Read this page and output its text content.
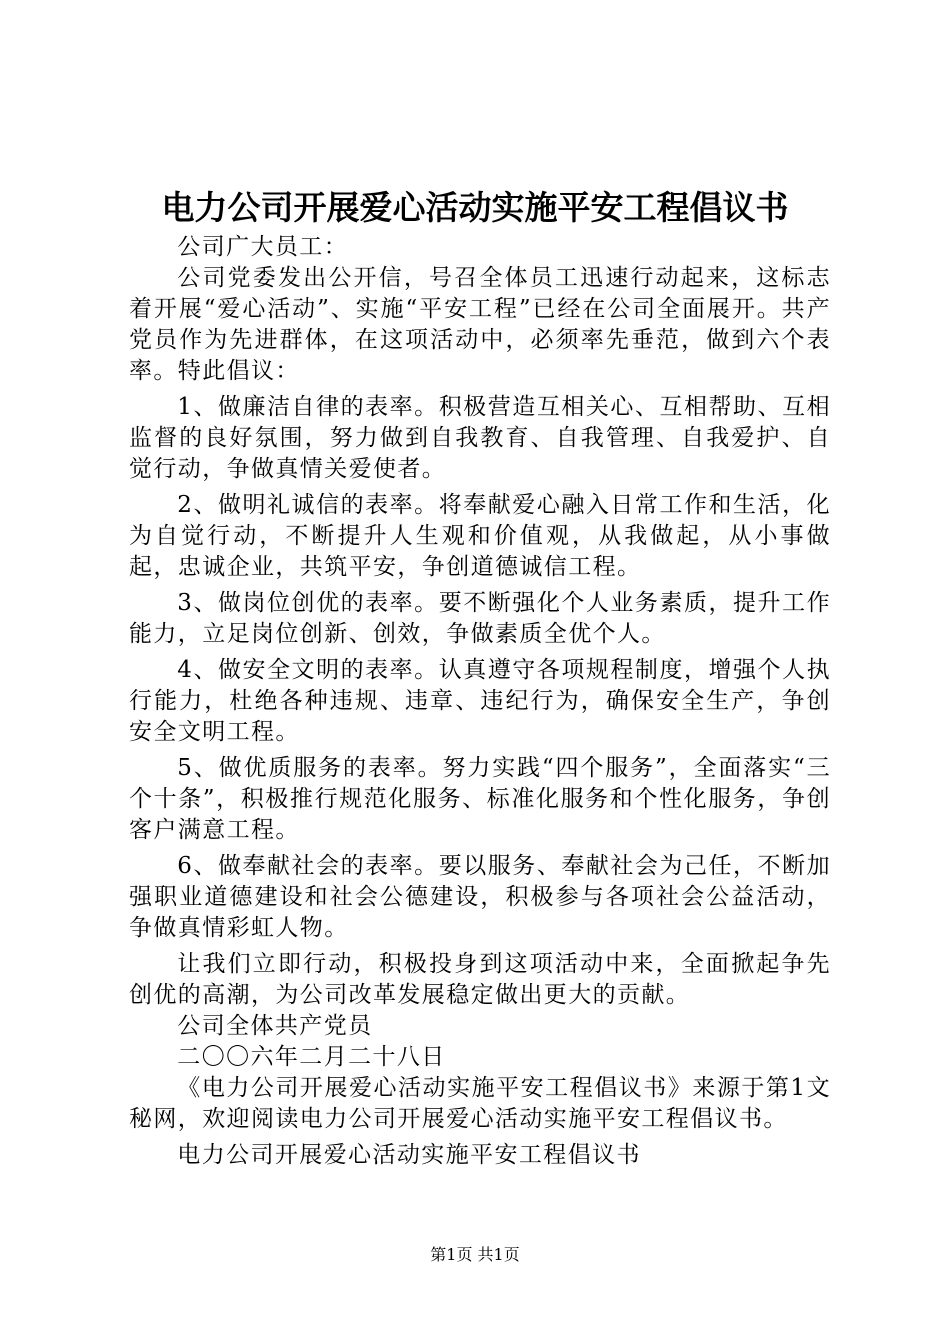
电力公司开展爱心活动实施平安工程倡议书

公司广大员工：

公司党委发出公开信，号召全体员工迅速行动起来，这标志着开展“爱心活动”、实施“平安工程”已经在公司全面展开。共产党员作为先进群体，在这项活动中，必须率先垂范，做到六个表率。特此倡议：

1、做廉洁自律的表率。积极营造互相关心、互相帮助、互相监督的良好氛围，努力做到自我教育、自我管理、自我爱护、自觉行动，争做真情关爱使者。

2、做明礼诚信的表率。将奉献爱心融入日常工作和生活，化为自觉行动，不断提升人生观和价值观，从我做起，从小事做起，忠诚企业，共筑平安，争创道德诚信工程。

3、做岗位创优的表率。要不断强化个人业务素质，提升工作能力，立足岗位创新、创效，争做素质全优个人。

4、做安全文明的表率。认真遵守各项规程制度，增强个人执行能力，杜绝各种违规、违章、违纪行为，确保安全生产，争创安全文明工程。

5、做优质服务的表率。努力实践“四个服务”，全面落实“三个十条”，积极推行规范化服务、标准化服务和个性化服务，争创客户满意工程。

6、做奉献社会的表率。要以服务、奉献社会为己任，不断加强职业道德建设和社会公德建设，积极参与各项社会公益活动，争做真情彩虹人物。

让我们立即行动，积极投身到这项活动中来，全面掀起争先创优的高潮，为公司改革发展稳定做出更大的贡献。

公司全体共产党员

二〇〇六年二月二十八日

《电力公司开展爱心活动实施平安工程倡议书》来源于第1文秘网，欢迎阅读电力公司开展爱心活动实施平安工程倡议书。

电力公司开展爱心活动实施平安工程倡议书

第1页 共1页
